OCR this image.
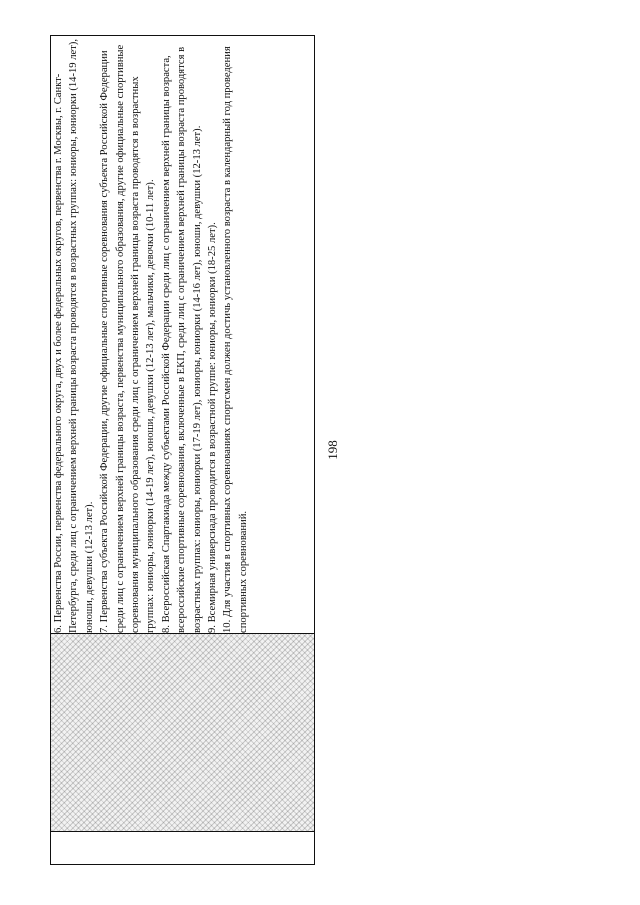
6. Первенства России, первенства федерального округа, двух и более федеральных округов, первенства г. Москвы, г. Санкт-Петербурга, среди лиц с ограничением верхней границы возраста проводятся в возрастных группах: юниоры, юниорки (14-19 лет), юноши, девушки (12-13 лет). 7. Первенства субъекта Российской Федерации, другие официальные спортивные соревнования субъекта Российской Федерации среди лиц с ограничением верхней границы возраста, первенства муниципального образования, другие официальные спортивные соревнования муниципального образования среди лиц с ограничением верхней границы возраста проводятся в возрастных группах: юниоры, юниорки (14-19 лет), юноши, девушки (12-13 лет), мальчики, девочки (10-11 лет). 8. Всероссийская Спартакиада между субъектами Российской Федерации среди лиц с ограничением верхней границы возраста, всероссийские спортивные соревнования, включенные в ЕКП, среди лиц с ограничением верхней границы возраста проводятся в возрастных группах: юниоры, юниорки (17-19 лет), юниоры, юниорки (14-16 лет), юноши, девушки (12-13 лет). 9. Всемирная универсиада проводится в возрастной группе: юниоры, юниорки (18-25 лет).

10. Для участия в спортивных соревнованиях спортсмен должен достичь установленного возраста в календарный год проведения спортивных соревнований.

198
